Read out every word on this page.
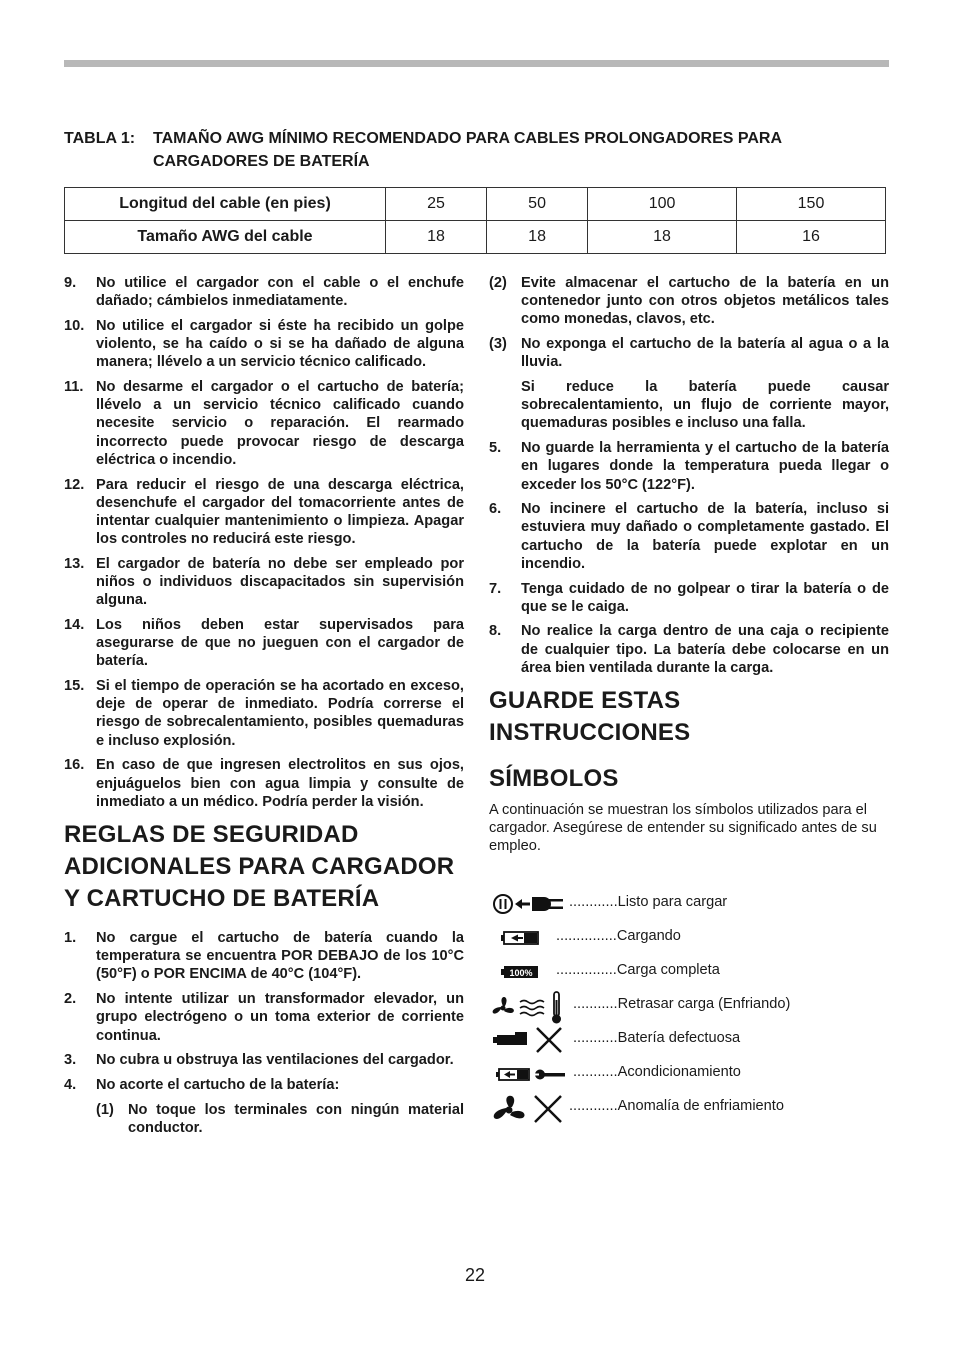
TABLA 1: TAMAÑO AWG MÍNIMO RECOMENDADO PARA CABLES PROLONGADORES PARA CARGADORES DE BATERÍA
Longitud del cable (en pies)	25	50	100	150
Tamaño AWG del cable	18	18	18	16
9. No utilice el cargador con el cable o el enchufe dañado; cámbielos inmediatamente.
10. No utilice el cargador si éste ha recibido un golpe violento, se ha caído o si se ha dañado de alguna manera; llévelo a un servicio técnico calificado.
11. No desarme el cargador o el cartucho de batería; llévelo a un servicio técnico calificado cuando necesite servicio o reparación. El rearmado incorrecto puede provocar riesgo de descarga eléctrica o incendio.
12. Para reducir el riesgo de una descarga eléctrica, desenchufe el cargador del tomacorriente antes de intentar cualquier mantenimiento o limpieza. Apagar los controles no reducirá este riesgo.
13. El cargador de batería no debe ser empleado por niños o individuos discapacitados sin supervisión alguna.
14. Los niños deben estar supervisados para asegurarse de que no jueguen con el cargador de batería.
15. Si el tiempo de operación se ha acortado en exceso, deje de operar de inmediato. Podría correrse el riesgo de sobrecalentamiento, posibles quemaduras e incluso explosión.
16. En caso de que ingresen electrolitos en sus ojos, enjuáguelos bien con agua limpia y consulte de inmediato a un médico. Podría perder la visión.
REGLAS DE SEGURIDAD ADICIONALES PARA CARGADOR Y CARTUCHO DE BATERÍA
1. No cargue el cartucho de batería cuando la temperatura se encuentra POR DEBAJO de los 10°C (50°F) o POR ENCIMA de 40°C (104°F).
2. No intente utilizar un transformador elevador, un grupo electrógeno o un toma exterior de corriente continua.
3. No cubra u obstruya las ventilaciones del cargador.
4. No acorte el cartucho de la batería:
(1) No toque los terminales con ningún material conductor.
(2) Evite almacenar el cartucho de la batería en un contenedor junto con otros objetos metálicos tales como monedas, clavos, etc.
(3) No exponga el cartucho de la batería al agua o a la lluvia.
Si reduce la batería puede causar sobrecalentamiento, un flujo de corriente mayor, quemaduras posibles e incluso una falla.
5. No guarde la herramienta y el cartucho de la batería en lugares donde la temperatura pueda llegar o exceder los 50°C (122°F).
6. No incinere el cartucho de la batería, incluso si estuviera muy dañado o completamente gastado. El cartucho de la batería puede explotar en un incendio.
7. Tenga cuidado de no golpear o tirar la batería o de que se le caiga.
8. No realice la carga dentro de una caja o recipiente de cualquier tipo. La batería debe colocarse en un área bien ventilada durante la carga.
GUARDE ESTAS INSTRUCCIONES
SÍMBOLOS

A continuación se muestran los símbolos utilizados para el cargador. Asegúrese de entender su significado antes de su empleo.

............Listo para cargar
...............Cargando
100% ...............Carga completa
...........Retrasar carga (Enfriando)
...........Batería defectuosa
...........Acondicionamiento
............Anomalía de enfriamiento
22
